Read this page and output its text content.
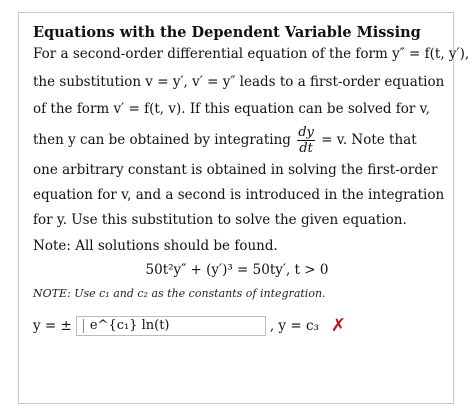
Equations with the Dependent Variable Missing
For a second-order differential equation of the form y″ = f(t, y′),
the substitution v = y′, v′ = y″ leads to a first-order equation
of the form v′ = f(t, v). If this equation can be solved for v,
then y can be obtained by integrating $\frac{dy}{dt} = v$. Note that
one arbitrary constant is obtained in solving the first-order
equation for v, and a second is introduced in the integration
for y. Use this substitution to solve the given equation.
Note: All solutions should be found.
50t²y″ + (y′)³ = 50ty′, t > 0
NOTE: Use c₁ and c₂ as the constants of integration.
y = ± e^{c₁} ln(t)	, y = c₃ ✗
